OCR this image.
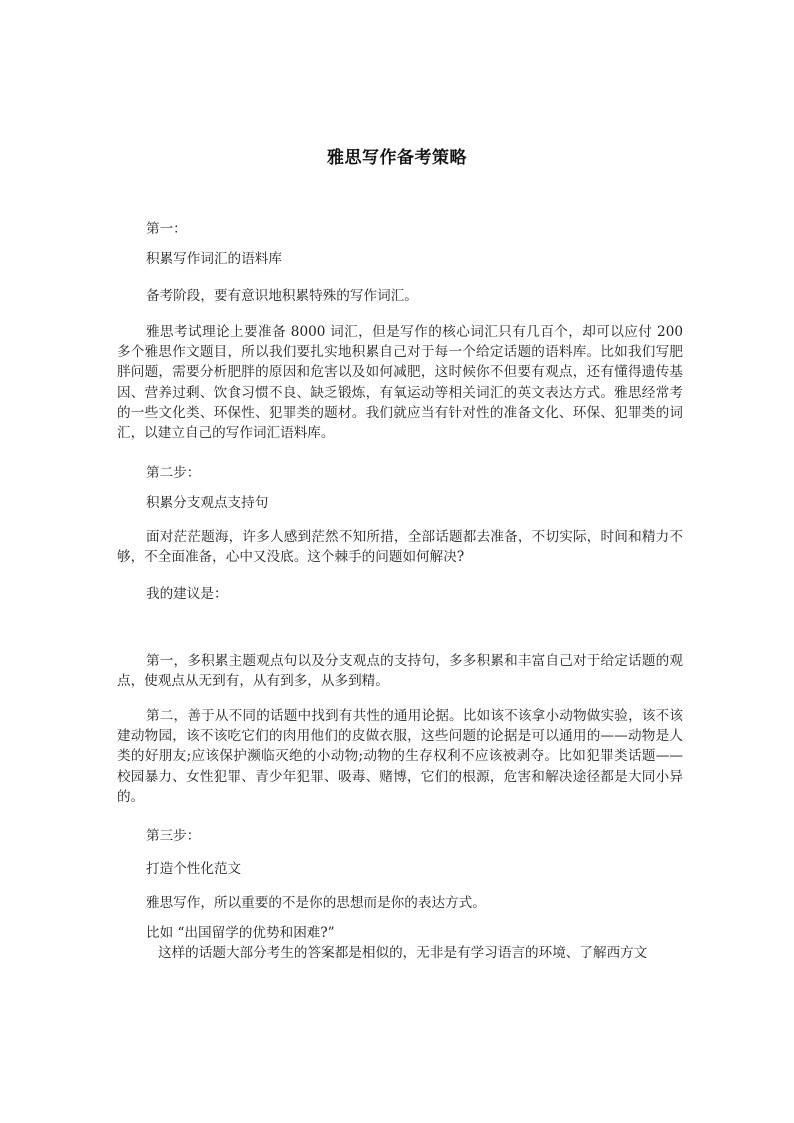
雅思写作备考策略
第一：
积累写作词汇的语料库
备考阶段，要有意识地积累特殊的写作词汇。
雅思考试理论上要准备 8000 词汇，但是写作的核心词汇只有几百个，却可以应付 200 多个雅思作文题目，所以我们要扎实地积累自己对于每一个给定话题的语料库。比如我们写肥胖问题，需要分析肥胖的原因和危害以及如何减肥，这时候你不但要有观点，还有懂得遗传基因、营养过剩、饮食习惯不良、缺乏锻炼，有氧运动等相关词汇的英文表达方式。雅思经常考的一些文化类、环保性、犯罪类的题材。我们就应当有针对性的准备文化、环保、犯罪类的词汇，以建立自己的写作词汇语料库。
第二步：
积累分支观点支持句
面对茫茫题海，许多人感到茫然不知所措，全部话题都去准备，不切实际，时间和精力不够，不全面准备，心中又没底。这个棘手的问题如何解决?
我的建议是：
第一，多积累主题观点句以及分支观点的支持句，多多积累和丰富自己对于给定话题的观点，使观点从无到有，从有到多，从多到精。
第二，善于从不同的话题中找到有共性的通用论据。比如该不该拿小动物做实验，该不该建动物园，该不该吃它们的肉用他们的皮做衣服，这些问题的论据是可以通用的——动物是人类的好朋友;应该保护濒临灭绝的小动物;动物的生存权利不应该被剥夺。比如犯罪类话题——校园暴力、女性犯罪、青少年犯罪、吸毒、赌博，它们的根源，危害和解决途径都是大同小异的。
第三步：
打造个性化范文
雅思写作，所以重要的不是你的思想而是你的表达方式。
比如 “出国留学的优势和困难?”
这样的话题大部分考生的答案都是相似的，无非是有学习语言的环境、了解西方文
